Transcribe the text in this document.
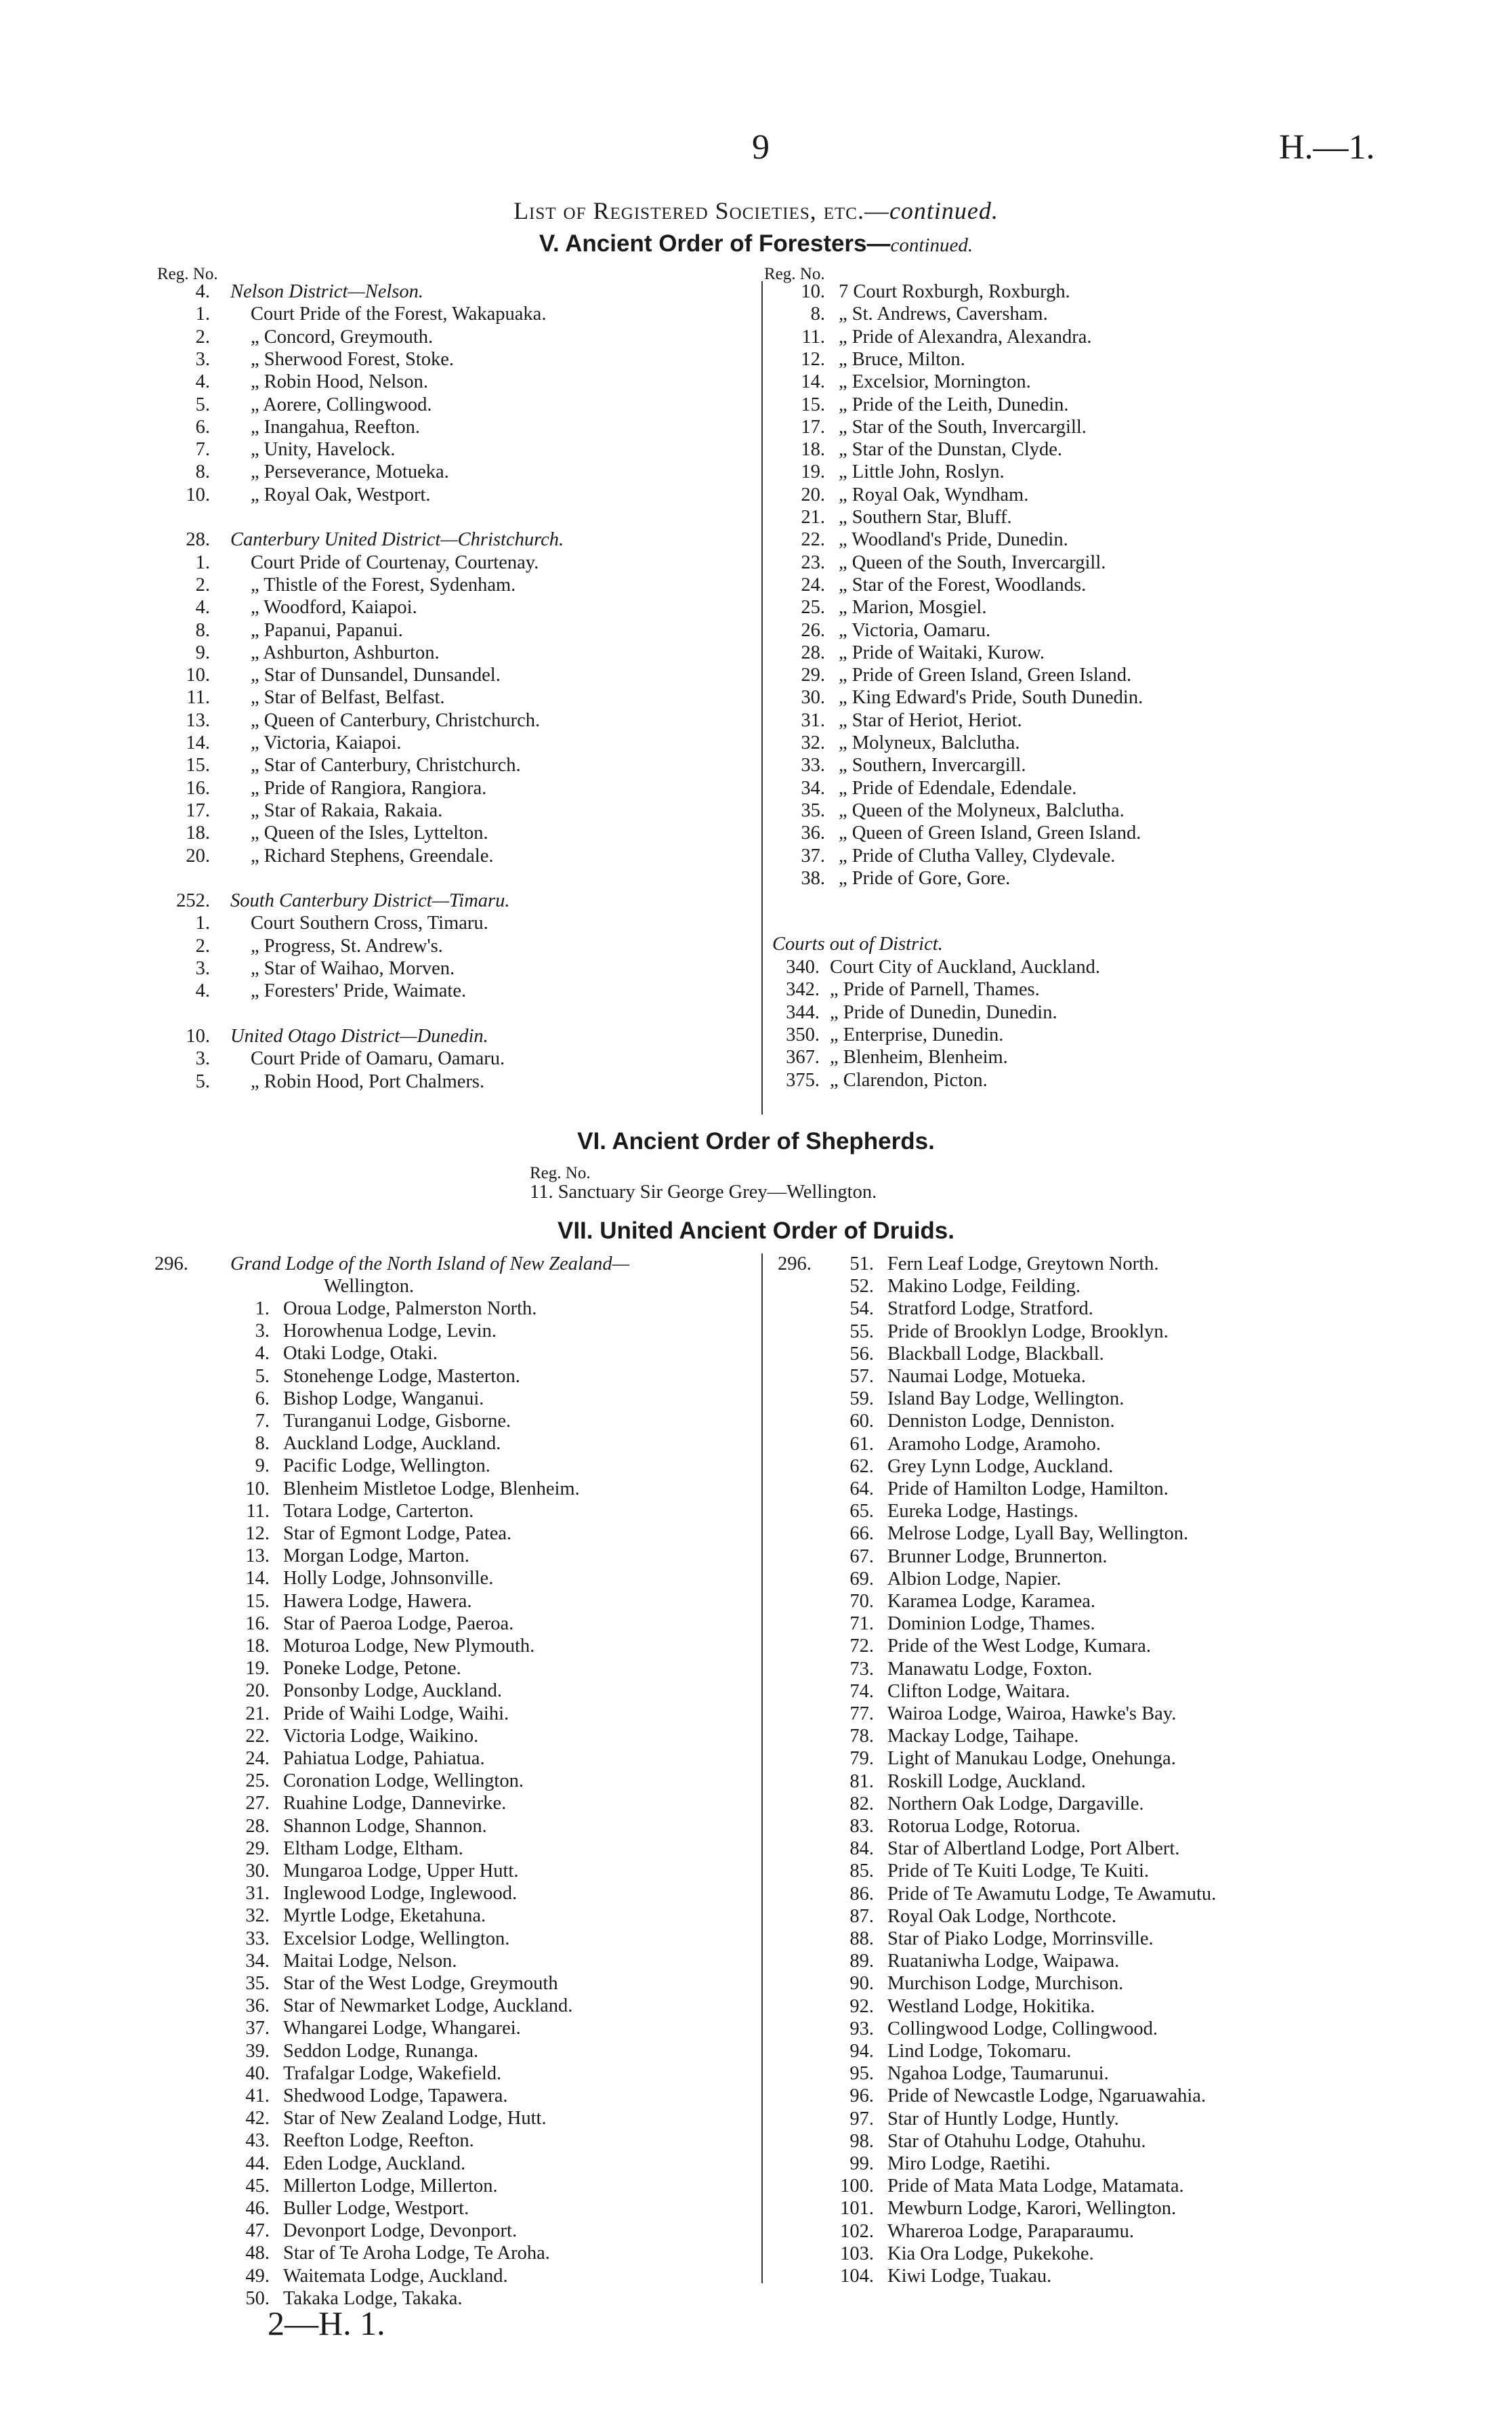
9	H.—1.
List of Registered Societies, etc.—continued.
V. Ancient Order of Foresters—continued.
Reg. No.	Reg. No.
4. Nelson District—Nelson.
1. Court Pride of the Forest, Wakapuaka.
2. „ Concord, Greymouth.
3. „ Sherwood Forest, Stoke.
4. „ Robin Hood, Nelson.
5. „ Aorere, Collingwood.
6. „ Inangahua, Reefton.
7. „ Unity, Havelock.
8. „ Perseverance, Motueka.
10. „ Royal Oak, Westport.
28. Canterbury United District—Christchurch.
1. Court Pride of Courtenay, Courtenay.
2. „ Thistle of the Forest, Sydenham.
4. „ Woodford, Kaiapoi.
8. „ Papanui, Papanui.
9. „ Ashburton, Ashburton.
10. „ Star of Dunsandel, Dunsandel.
11. „ Star of Belfast, Belfast.
13. „ Queen of Canterbury, Christchurch.
14. „ Victoria, Kaiapoi.
15. „ Star of Canterbury, Christchurch.
16. „ Pride of Rangiora, Rangiora.
17. „ Star of Rakaia, Rakaia.
18. „ Queen of the Isles, Lyttelton.
20. „ Richard Stephens, Greendale.
252. South Canterbury District—Timaru.
1. Court Southern Cross, Timaru.
2. „ Progress, St. Andrew's.
3. „ Star of Waihao, Morven.
4. „ Foresters' Pride, Waimate.
10. United Otago District—Dunedin.
3. Court Pride of Oamaru, Oamaru.
5. „ Robin Hood, Port Chalmers.
10. 7 Court Roxburgh, Roxburgh.
8. „ St. Andrews, Caversham.
11. „ Pride of Alexandra, Alexandra.
12. „ Bruce, Milton.
14. „ Excelsior, Mornington.
15. „ Pride of the Leith, Dunedin.
17. „ Star of the South, Invercargill.
18. „ Star of the Dunstan, Clyde.
19. „ Little John, Roslyn.
20. „ Royal Oak, Wyndham.
21. „ Southern Star, Bluff.
22. „ Woodland's Pride, Dunedin.
23. „ Queen of the South, Invercargill.
24. „ Star of the Forest, Woodlands.
25. „ Marion, Mosgiel.
26. „ Victoria, Oamaru.
28. „ Pride of Waitaki, Kurow.
29. „ Pride of Green Island, Green Island.
30. „ King Edward's Pride, South Dunedin.
31. „ Star of Heriot, Heriot.
32. „ Molyneux, Balclutha.
33. „ Southern, Invercargill.
34. „ Pride of Edendale, Edendale.
35. „ Queen of the Molyneux, Balclutha.
36. „ Queen of Green Island, Green Island.
37. „ Pride of Clutha Valley, Clydevale.
38. „ Pride of Gore, Gore.
Courts out of District.
340. Court City of Auckland, Auckland.
342. „ Pride of Parnell, Thames.
344. „ Pride of Dunedin, Dunedin.
350. „ Enterprise, Dunedin.
367. „ Blenheim, Blenheim.
375. „ Clarendon, Picton.
VI. Ancient Order of Shepherds.
Reg. No.
11. Sanctuary Sir George Grey—Wellington.
VII. United Ancient Order of Druids.
296. Grand Lodge of the North Island of New Zealand—
Wellington.
1. Oroua Lodge, Palmerston North.
3. Horowhenua Lodge, Levin.
4. Otaki Lodge, Otaki.
5. Stonehenge Lodge, Masterton.
6. Bishop Lodge, Wanganui.
7. Turanganui Lodge, Gisborne.
8. Auckland Lodge, Auckland.
9. Pacific Lodge, Wellington.
10. Blenheim Mistletoe Lodge, Blenheim.
11. Totara Lodge, Carterton.
12. Star of Egmont Lodge, Patea.
13. Morgan Lodge, Marton.
14. Holly Lodge, Johnsonville.
15. Hawera Lodge, Hawera.
16. Star of Paeroa Lodge, Paeroa.
18. Moturoa Lodge, New Plymouth.
19. Poneke Lodge, Petone.
20. Ponsonby Lodge, Auckland.
21. Pride of Waihi Lodge, Waihi.
22. Victoria Lodge, Waikino.
24. Pahiatua Lodge, Pahiatua.
25. Coronation Lodge, Wellington.
27. Ruahine Lodge, Dannevirke.
28. Shannon Lodge, Shannon.
29. Eltham Lodge, Eltham.
30. Mungaroa Lodge, Upper Hutt.
31. Inglewood Lodge, Inglewood.
32. Myrtle Lodge, Eketahuna.
33. Excelsior Lodge, Wellington.
34. Maitai Lodge, Nelson.
35. Star of the West Lodge, Greymouth
36. Star of Newmarket Lodge, Auckland.
37. Whangarei Lodge, Whangarei.
39. Seddon Lodge, Runanga.
40. Trafalgar Lodge, Wakefield.
41. Shedwood Lodge, Tapawera.
42. Star of New Zealand Lodge, Hutt.
43. Reefton Lodge, Reefton.
44. Eden Lodge, Auckland.
45. Millerton Lodge, Millerton.
46. Buller Lodge, Westport.
47. Devonport Lodge, Devonport.
48. Star of Te Aroha Lodge, Te Aroha.
49. Waitemata Lodge, Auckland.
50. Takaka Lodge, Takaka.
296.	51. Fern Leaf Lodge, Greytown North.
52. Makino Lodge, Feilding.
54. Stratford Lodge, Stratford.
55. Pride of Brooklyn Lodge, Brooklyn.
56. Blackball Lodge, Blackball.
57. Naumai Lodge, Motueka.
59. Island Bay Lodge, Wellington.
60. Denniston Lodge, Denniston.
61. Aramoho Lodge, Aramoho.
62. Grey Lynn Lodge, Auckland.
64. Pride of Hamilton Lodge, Hamilton.
65. Eureka Lodge, Hastings.
66. Melrose Lodge, Lyall Bay, Wellington.
67. Brunner Lodge, Brunnerton.
69. Albion Lodge, Napier.
70. Karamea Lodge, Karamea.
71. Dominion Lodge, Thames.
72. Pride of the West Lodge, Kumara.
73. Manawatu Lodge, Foxton.
74. Clifton Lodge, Waitara.
77. Wairoa Lodge, Wairoa, Hawke's Bay.
78. Mackay Lodge, Taihape.
79. Light of Manukau Lodge, Onehunga.
81. Roskill Lodge, Auckland.
82. Northern Oak Lodge, Dargaville.
83. Rotorua Lodge, Rotorua.
84. Star of Albertland Lodge, Port Albert.
85. Pride of Te Kuiti Lodge, Te Kuiti.
86. Pride of Te Awamutu Lodge, Te Awamutu.
87. Royal Oak Lodge, Northcote.
88. Star of Piako Lodge, Morrinsville.
89. Ruataniwha Lodge, Waipawa.
90. Murchison Lodge, Murchison.
92. Westland Lodge, Hokitika.
93. Collingwood Lodge, Collingwood.
94. Lind Lodge, Tokomaru.
95. Ngahoa Lodge, Taumarunui.
96. Pride of Newcastle Lodge, Ngaruawahia.
97. Star of Huntly Lodge, Huntly.
98. Star of Otahuhu Lodge, Otahuhu.
99. Miro Lodge, Raetihi.
100. Pride of Mata Mata Lodge, Matamata.
101. Mewburn Lodge, Karori, Wellington.
102. Whareroa Lodge, Paraparaumu.
103. Kia Ora Lodge, Pukekohe.
104. Kiwi Lodge, Tuakau.
2—H. 1.
